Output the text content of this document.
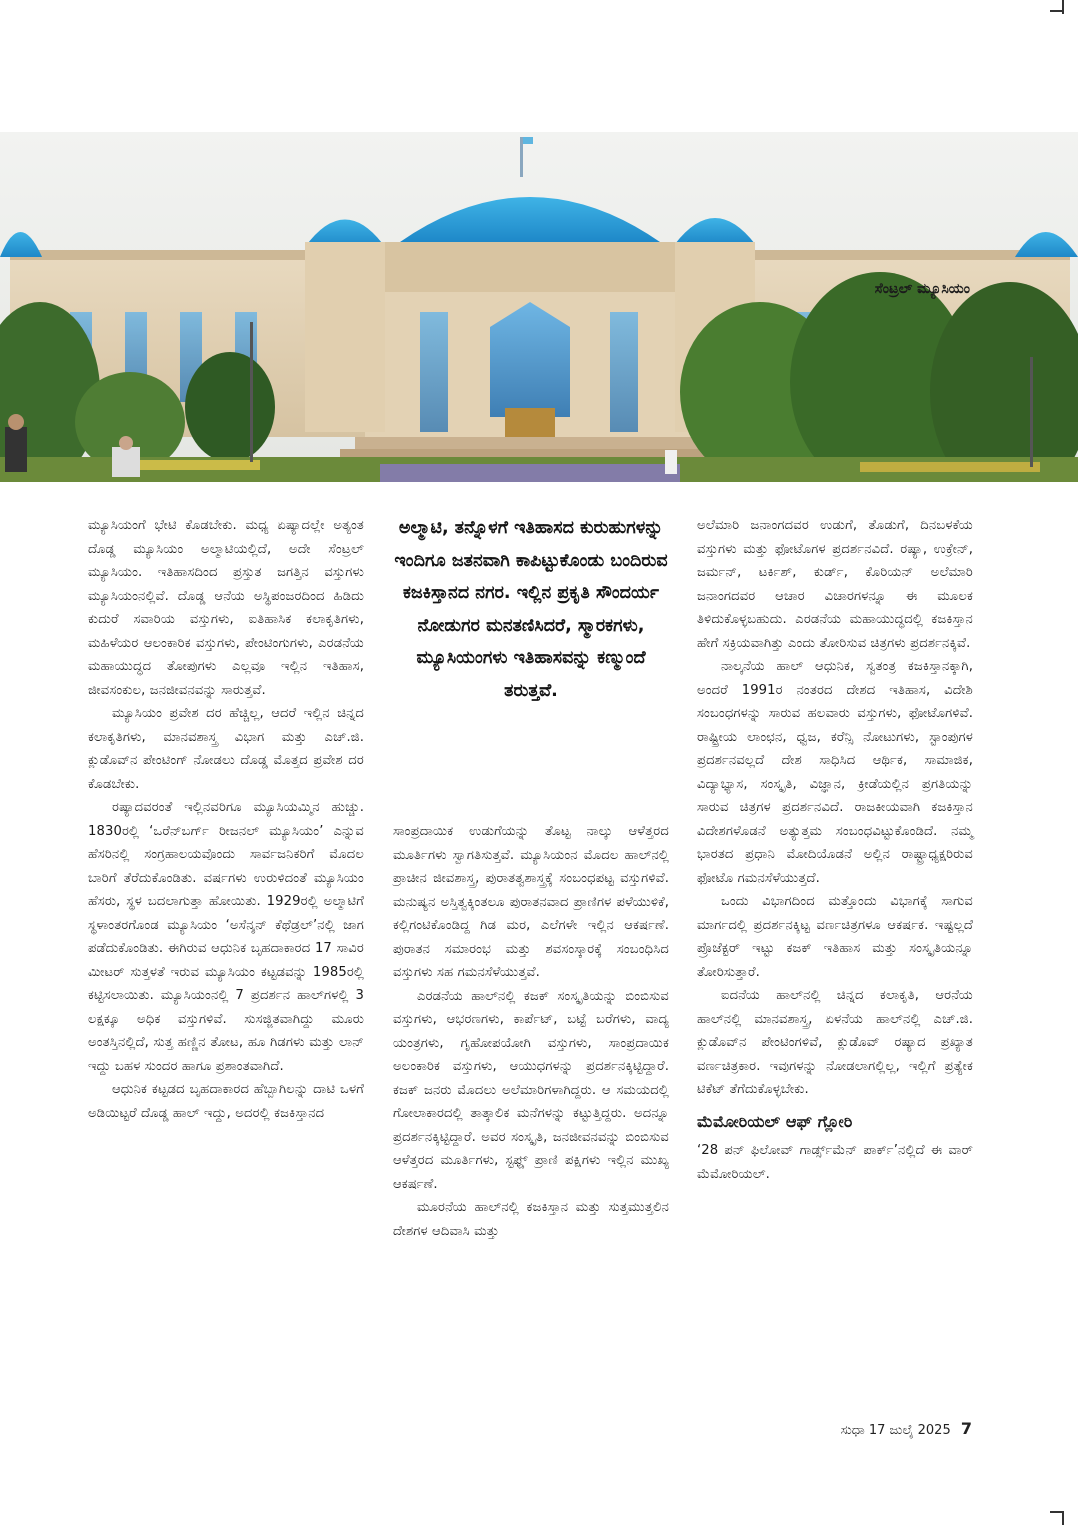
ಸೆಂಟ್ರಲ್ ಮ್ಯೂಸಿಯಂ

ಮ್ಯೂಸಿಯಂಗೆ ಭೇಟಿ ಕೊಡಬೇಕು. ಮಧ್ಯ ಏಷ್ಯಾದಲ್ಲೇ ಅತ್ಯಂತ ದೊಡ್ಡ ಮ್ಯೂಸಿಯಂ ಅಲ್ಮಾಟಿಯಲ್ಲಿದೆ, ಅದೇ ಸೆಂಟ್ರಲ್ ಮ್ಯೂಸಿಯಂ. ಇತಿಹಾಸದಿಂದ ಪ್ರಸ್ತುತ ಜಗತ್ತಿನ ವಸ್ತುಗಳು ಮ್ಯೂಸಿಯಂನಲ್ಲಿವೆ. ದೊಡ್ಡ ಆನೆಯ ಅಸ್ಥಿಪಂಜರದಿಂದ ಹಿಡಿದು ಕುದುರೆ ಸವಾರಿಯ ವಸ್ತುಗಳು, ಐತಿಹಾಸಿಕ ಕಲಾಕೃತಿಗಳು, ಮಹಿಳೆಯರ ಆಲಂಕಾರಿಕ ವಸ್ತುಗಳು, ಪೇಂಟಿಂಗುಗಳು, ಎರಡನೆಯ ಮಹಾಯುದ್ಧದ ತೋಪುಗಳು ಎಲ್ಲವೂ ಇಲ್ಲಿನ ಇತಿಹಾಸ, ಜೀವಸಂಕುಲ, ಜನಜೀವನವನ್ನು ಸಾರುತ್ತವೆ.

ಮ್ಯೂಸಿಯಂ ಪ್ರವೇಶ ದರ ಹೆಚ್ಚಿಲ್ಲ, ಆದರೆ ಇಲ್ಲಿನ ಚಿನ್ನದ ಕಲಾಕೃತಿಗಳು, ಮಾನವಶಾಸ್ತ್ರ ವಿಭಾಗ ಮತ್ತು ಎಚ್.ಜಿ. ಕ್ಲುಡೊವ್‌ನ ಪೇಂಟಿಂಗ್ ನೋಡಲು ದೊಡ್ಡ ಮೊತ್ತದ ಪ್ರವೇಶ ದರ ಕೊಡಬೇಕು.

ರಷ್ಯಾದವರಂತೆ ಇಲ್ಲಿನವರಿಗೂ ಮ್ಯೂಸಿಯಮ್ಮಿನ ಹುಚ್ಚು. 1830ರಲ್ಲಿ ‘ಒರೆನ್‌ಬರ್ಗ್ ರೀಜನಲ್ ಮ್ಯೂಸಿಯಂ’ ಎನ್ನುವ ಹೆಸರಿನಲ್ಲಿ ಸಂಗ್ರಹಾಲಯವೊಂದು ಸಾರ್ವಜನಿಕರಿಗೆ ಮೊದಲ ಬಾರಿಗೆ ತೆರೆದುಕೊಂಡಿತು. ವರ್ಷಗಳು ಉರುಳಿದಂತೆ ಮ್ಯೂಸಿಯಂ ಹೆಸರು, ಸ್ಥಳ ಬದಲಾಗುತ್ತಾ ಹೋಯಿತು. 1929ರಲ್ಲಿ ಅಲ್ಮಾಟಿಗೆ ಸ್ಥಳಾಂತರಗೊಂಡ ಮ್ಯೂಸಿಯಂ ‘ಅಸೆನ್ಶನ್ ಕೆಥೆಡ್ರಲ್’ನಲ್ಲಿ ಜಾಗ ಪಡೆದುಕೊಂಡಿತು. ಈಗಿರುವ ಆಧುನಿಕ ಬೃಹದಾಕಾರದ 17 ಸಾವಿರ ಮೀಟರ್ ಸುತ್ತಳತೆ ಇರುವ ಮ್ಯೂಸಿಯಂ ಕಟ್ಟಡವನ್ನು 1985ರಲ್ಲಿ ಕಟ್ಟಿಸಲಾಯಿತು. ಮ್ಯೂಸಿಯಂನಲ್ಲಿ 7 ಪ್ರದರ್ಶನ ಹಾಲ್‌ಗಳಲ್ಲಿ 3 ಲಕ್ಷಕ್ಕೂ ಅಧಿಕ ವಸ್ತುಗಳಿವೆ. ಸುಸಜ್ಜಿತವಾಗಿದ್ದು ಮೂರು ಅಂತಸ್ತಿನಲ್ಲಿದೆ, ಸುತ್ತ ಹಣ್ಣಿನ ತೋಟ, ಹೂ ಗಿಡಗಳು ಮತ್ತು ಲಾನ್ ಇದ್ದು ಬಹಳ ಸುಂದರ ಹಾಗೂ ಪ್ರಶಾಂತವಾಗಿದೆ.

ಆಧುನಿಕ ಕಟ್ಟಡದ ಬೃಹದಾಕಾರದ ಹೆಬ್ಬಾಗಿಲನ್ನು ದಾಟಿ ಒಳಗೆ ಅಡಿಯಿಟ್ಟರೆ ದೊಡ್ಡ ಹಾಲ್ ಇದ್ದು, ಅದರಲ್ಲಿ ಕಜಕಿಸ್ತಾನದ

ಅಲ್ಮಾಟಿ, ತನ್ನೊಳಗೆ ಇತಿಹಾಸದ ಕುರುಹುಗಳನ್ನು ಇಂದಿಗೂ ಜತನವಾಗಿ ಕಾಪಿಟ್ಟುಕೊಂಡು ಬಂದಿರುವ ಕಜಕಿಸ್ತಾನದ ನಗರ. ಇಲ್ಲಿನ ಪ್ರಕೃತಿ ಸೌಂದರ್ಯ ನೋಡುಗರ ಮನತಣಿಸಿದರೆ, ಸ್ಮಾರಕಗಳು, ಮ್ಯೂಸಿಯಂಗಳು ಇತಿಹಾಸವನ್ನು ಕಣ್ಮುಂದೆ ತರುತ್ತವೆ.

ಸಾಂಪ್ರದಾಯಿಕ ಉಡುಗೆಯನ್ನು ತೊಟ್ಟ ನಾಲ್ಕು ಆಳೆತ್ತರದ ಮೂರ್ತಿಗಳು ಸ್ವಾಗತಿಸುತ್ತವೆ. ಮ್ಯೂಸಿಯಂನ ಮೊದಲ ಹಾಲ್‌ನಲ್ಲಿ ಪ್ರಾಚೀನ ಜೀವಶಾಸ್ತ್ರ, ಪುರಾತತ್ವಶಾಸ್ತ್ರಕ್ಕೆ ಸಂಬಂಧಪಟ್ಟ ವಸ್ತುಗಳಿವೆ. ಮನುಷ್ಯನ ಅಸ್ತಿತ್ವಕ್ಕಿಂತಲೂ ಪುರಾತನವಾದ ಪ್ರಾಣಿಗಳ ಪಳೆಯುಳಿಕೆ, ಕಲ್ಲಿಗಂಟಿಕೊಂಡಿದ್ದ ಗಿಡ ಮರ, ಎಲೆಗಳೇ ಇಲ್ಲಿನ ಆಕರ್ಷಣೆ. ಪುರಾತನ ಸಮಾರಂಭ ಮತ್ತು ಶವಸಂಸ್ಕಾರಕ್ಕೆ ಸಂಬಂಧಿಸಿದ ವಸ್ತುಗಳು ಸಹ ಗಮನಸೆಳೆಯುತ್ತವೆ.

ಎರಡನೆಯ ಹಾಲ್‌ನಲ್ಲಿ ಕಜಕ್ ಸಂಸ್ಕೃತಿಯನ್ನು ಬಿಂಬಿಸುವ ವಸ್ತುಗಳು, ಆಭರಣಗಳು, ಕಾರ್ಪೆಟ್, ಬಟ್ಟೆ ಬರೆಗಳು, ವಾದ್ಯ ಯಂತ್ರಗಳು, ಗೃಹೋಪಯೋಗಿ ವಸ್ತುಗಳು, ಸಾಂಪ್ರದಾಯಿಕ ಅಲಂಕಾರಿಕ ವಸ್ತುಗಳು, ಆಯುಧಗಳನ್ನು ಪ್ರದರ್ಶನಕ್ಕಿಟ್ಟಿದ್ದಾರೆ. ಕಜಕ್ ಜನರು ಮೊದಲು ಅಲೆಮಾರಿಗಳಾಗಿದ್ದರು. ಆ ಸಮಯದಲ್ಲಿ ಗೋಲಾಕಾರದಲ್ಲಿ ತಾತ್ಕಾಲಿಕ ಮನೆಗಳನ್ನು ಕಟ್ಟುತ್ತಿದ್ದರು. ಅದನ್ನೂ ಪ್ರದರ್ಶನಕ್ಕಿಟ್ಟಿದ್ದಾರೆ. ಅವರ ಸಂಸ್ಕೃತಿ, ಜನಜೀವನವನ್ನು ಬಿಂಬಿಸುವ ಆಳೆತ್ತರದ ಮೂರ್ತಿಗಳು, ಸ್ಟಫ್ಡ್ ಪ್ರಾಣಿ ಪಕ್ಷಿಗಳು ಇಲ್ಲಿನ ಮುಖ್ಯ ಆಕರ್ಷಣೆ.

ಮೂರನೆಯ ಹಾಲ್‌ನಲ್ಲಿ ಕಜಕಿಸ್ತಾನ ಮತ್ತು ಸುತ್ತಮುತ್ತಲಿನ ದೇಶಗಳ ಆದಿವಾಸಿ ಮತ್ತು

ಅಲೆಮಾರಿ ಜನಾಂಗದವರ ಉಡುಗೆ, ತೊಡುಗೆ, ದಿನಬಳಕೆಯ ವಸ್ತುಗಳು ಮತ್ತು ಫೋಟೊಗಳ ಪ್ರದರ್ಶನವಿದೆ. ರಷ್ಯಾ, ಉಕ್ರೇನ್, ಜರ್ಮನ್, ಟರ್ಕಿಶ್, ಕುರ್ಡ್, ಕೊರಿಯನ್ ಅಲೆಮಾರಿ ಜನಾಂಗದವರ ಆಚಾರ ವಿಚಾರಗಳನ್ನೂ ಈ ಮೂಲಕ ತಿಳಿದುಕೊಳ್ಳಬಹುದು. ಎರಡನೆಯ ಮಹಾಯುದ್ಧದಲ್ಲಿ ಕಜಕಿಸ್ತಾನ ಹೇಗೆ ಸಕ್ರಿಯವಾಗಿತ್ತು ಎಂದು ತೋರಿಸುವ ಚಿತ್ರಗಳು ಪ್ರದರ್ಶನಕ್ಕಿವೆ.

ನಾಲ್ಕನೆಯ ಹಾಲ್ ಆಧುನಿಕ, ಸ್ವತಂತ್ರ ಕಜಕಿಸ್ತಾನಕ್ಕಾಗಿ, ಅಂದರೆ 1991ರ ನಂತರದ ದೇಶದ ಇತಿಹಾಸ, ವಿದೇಶಿ ಸಂಬಂಧಗಳನ್ನು ಸಾರುವ ಹಲವಾರು ವಸ್ತುಗಳು, ಫೋಟೊಗಳಿವೆ. ರಾಷ್ಟ್ರೀಯ ಲಾಂಛನ, ಧ್ವಜ, ಕರೆನ್ಸಿ ನೋಟುಗಳು, ಸ್ಟಾಂಪುಗಳ ಪ್ರದರ್ಶನವಲ್ಲದೆ ದೇಶ ಸಾಧಿಸಿದ ಆರ್ಥಿಕ, ಸಾಮಾಜಿಕ, ವಿದ್ಯಾಭ್ಯಾಸ, ಸಂಸ್ಕೃತಿ, ವಿಜ್ಞಾನ, ಕ್ರೀಡೆಯಲ್ಲಿನ ಪ್ರಗತಿಯನ್ನು ಸಾರುವ ಚಿತ್ರಗಳ ಪ್ರದರ್ಶನವಿದೆ. ರಾಜಕೀಯವಾಗಿ ಕಜಕಿಸ್ತಾನ ವಿದೇಶಗಳೊಡನೆ ಅತ್ಯುತ್ತಮ ಸಂಬಂಧವಿಟ್ಟುಕೊಂಡಿದೆ. ನಮ್ಮ ಭಾರತದ ಪ್ರಧಾನಿ ಮೋದಿಯೊಡನೆ ಅಲ್ಲಿನ ರಾಷ್ಟ್ರಾಧ್ಯಕ್ಷರಿರುವ ಫೋಟೊ ಗಮನಸೆಳೆಯುತ್ತದೆ.

ಒಂದು ವಿಭಾಗದಿಂದ ಮತ್ತೊಂದು ವಿಭಾಗಕ್ಕೆ ಸಾಗುವ ಮಾರ್ಗದಲ್ಲಿ ಪ್ರದರ್ಶನಕ್ಕಿಟ್ಟ ವರ್ಣಚಿತ್ರಗಳೂ ಆಕರ್ಷಕ. ಇಷ್ಟಲ್ಲದೆ ಪ್ರೊಜೆಕ್ಟರ್ ಇಟ್ಟು ಕಜಕ್ ಇತಿಹಾಸ ಮತ್ತು ಸಂಸ್ಕೃತಿಯನ್ನೂ ತೋರಿಸುತ್ತಾರೆ.

ಐದನೆಯ ಹಾಲ್‌ನಲ್ಲಿ ಚಿನ್ನದ ಕಲಾಕೃತಿ, ಆರನೆಯ ಹಾಲ್‌ನಲ್ಲಿ ಮಾನವಶಾಸ್ತ್ರ, ಏಳನೆಯ ಹಾಲ್‌ನಲ್ಲಿ ಎಚ್.ಜಿ. ಕ್ಲುಡೊವ್‌ನ ಪೇಂಟಿಂಗಳಿವೆ, ಕ್ಲುಡೊವ್ ರಷ್ಯಾದ ಪ್ರಖ್ಯಾತ ವರ್ಣಚಿತ್ರಕಾರ. ಇವುಗಳನ್ನು ನೋಡಲಾಗಲ್ಲಿಲ್ಲ, ಇಲ್ಲಿಗೆ ಪ್ರತ್ಯೇಕ ಟಿಕೆಟ್ ತೆಗೆದುಕೊಳ್ಳಬೇಕು.

ಮೆಮೋರಿಯಲ್ ಆಫ್ ಗ್ಲೋರಿ

‘28 ಪನ್ ಫಿಲೋವ್ ಗಾರ್ಡ್ಸ್‌ಮೆನ್ ಪಾರ್ಕ್’ನಲ್ಲಿದೆ ಈ ವಾರ್ ಮೆಮೋರಿಯಲ್.

ಸುಧಾ 17 ಜುಲೈ 2025 7
